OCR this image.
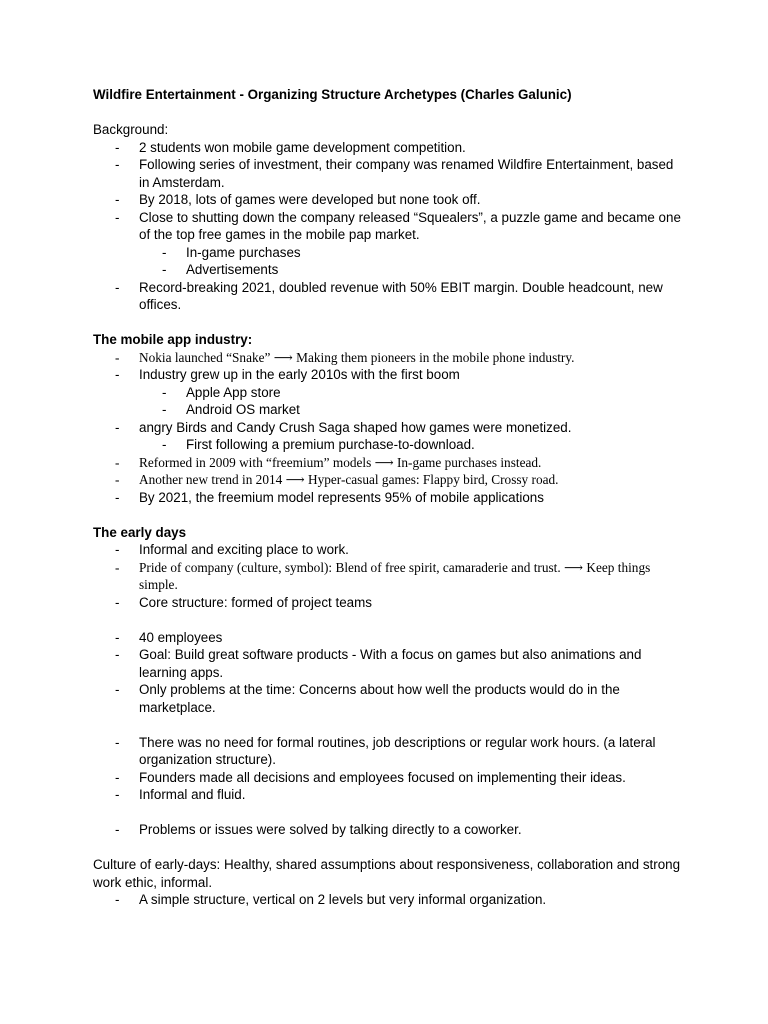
Wildfire Entertainment - Organizing Structure Archetypes (Charles Galunic)

Background:
- 2 students won mobile game development competition.
- Following series of investment, their company was renamed Wildfire Entertainment, based in Amsterdam.
- By 2018, lots of games were developed but none took off.
- Close to shutting down the company released “Squealers”, a puzzle game and became one of the top free games in the mobile pap market.
- In-game purchases
- Advertisements
- Record-breaking 2021, doubled revenue with 50% EBIT margin. Double headcount, new offices.
The mobile app industry:
- Nokia launched “Snake” ⟶ Making them pioneers in the mobile phone industry.
- Industry grew up in the early 2010s with the first boom
- Apple App store
- Android OS market
- angry Birds and Candy Crush Saga shaped how games were monetized.
- First following a premium purchase-to-download.
- Reformed in 2009 with “freemium” models ⟶ In-game purchases instead.
- Another new trend in 2014 ⟶ Hyper-casual games: Flappy bird, Crossy road.
- By 2021, the freemium model represents 95% of mobile applications
The early days
- Informal and exciting place to work.
- Pride of company (culture, symbol): Blend of free spirit, camaraderie and trust. ⟶ Keep things simple.
- Core structure: formed of project teams
- 40 employees
- Goal: Build great software products - With a focus on games but also animations and learning apps.
- Only problems at the time: Concerns about how well the products would do in the marketplace.
- There was no need for formal routines, job descriptions or regular work hours. (a lateral organization structure).
- Founders made all decisions and employees focused on implementing their ideas.
- Informal and fluid.
- Problems or issues were solved by talking directly to a coworker.
Culture of early-days: Healthy, shared assumptions about responsiveness, collaboration and strong work ethic, informal.
- A simple structure, vertical on 2 levels but very informal organization.
